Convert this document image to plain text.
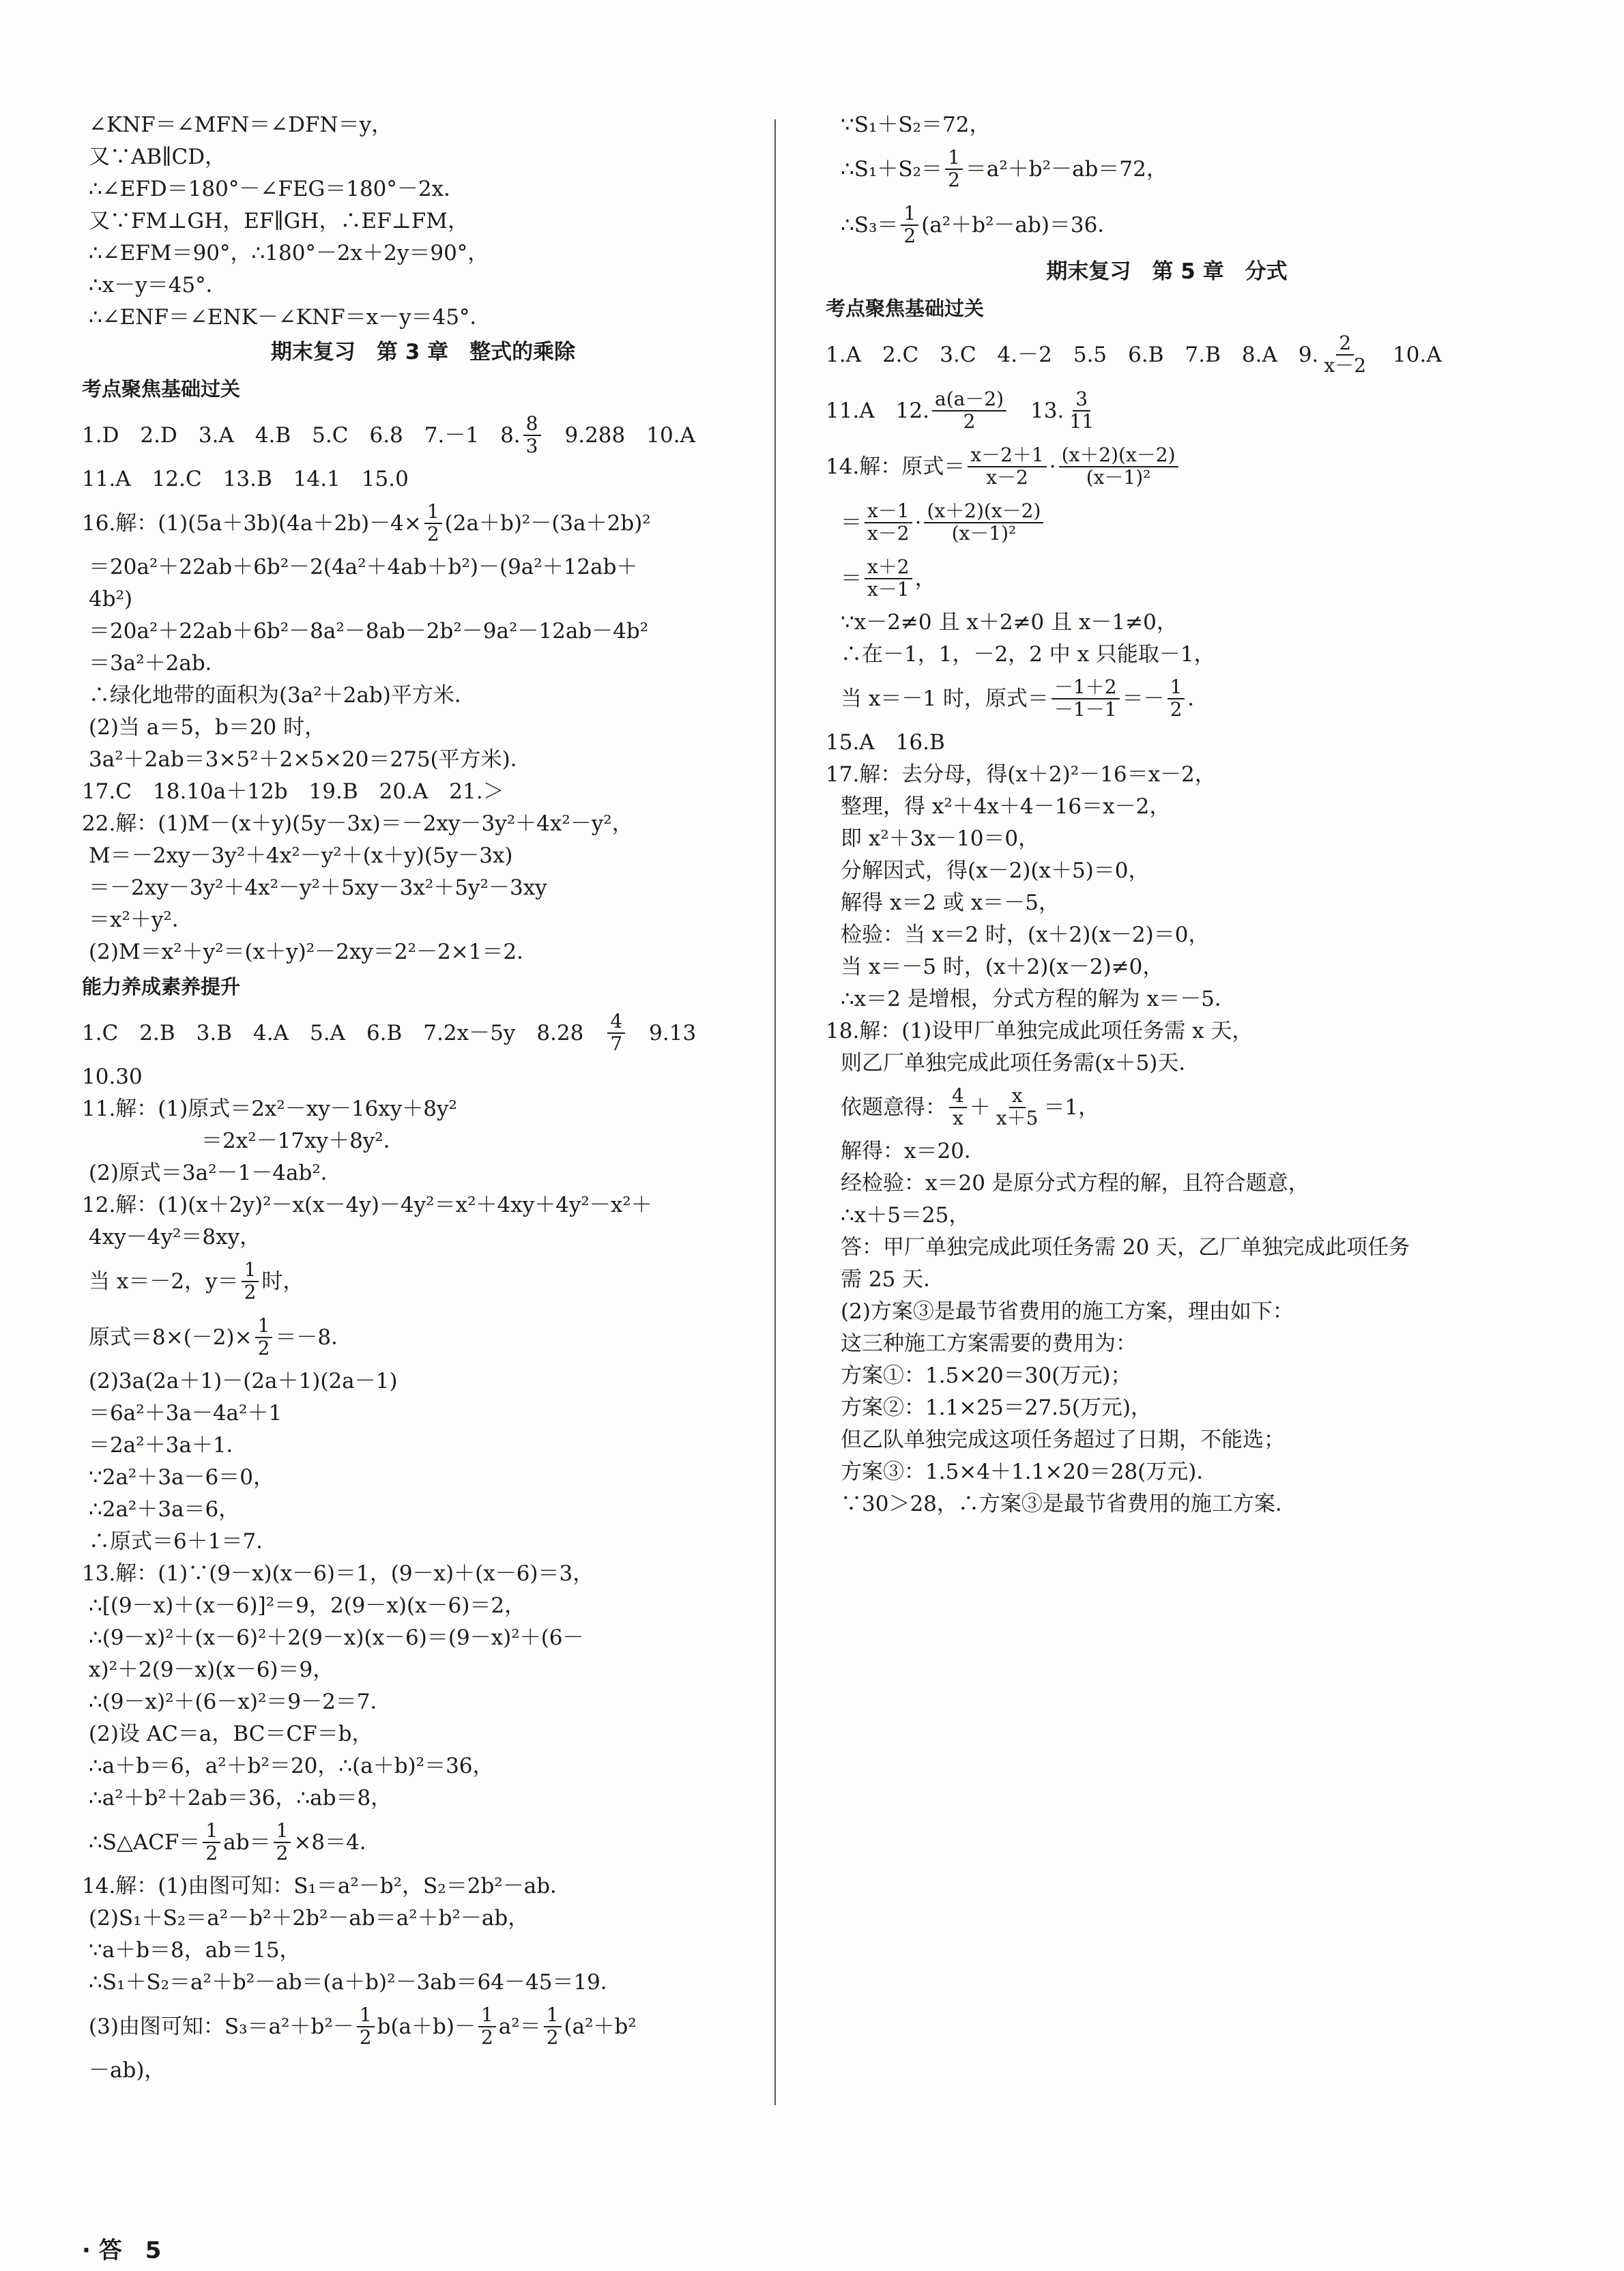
∠KNF＝∠MFN＝∠DFN＝y，
又∵AB∥CD，
∴∠EFD＝180°－∠FEG＝180°－2x．
又∵FM⊥GH，EF∥GH，∴EF⊥FM，
∴∠EFM＝90°，∴180°－2x＋2y＝90°，
∴x－y＝45°．
∴∠ENF＝∠ENK－∠KNF＝x－y＝45°．
期末复习　第 3 章　整式的乘除
考点聚焦基础过关
1.D　2.D　3.A　4.B　5.C　6.8　7.－1　8. $\frac{8}{3}$ 　9.288　10.A
11.A　12.C　13.B　14.1　15.0
16.解：$(1)(5a+3b)(4a+2b)-4\times \frac{1}{2} (2a+b)^2-(3a+2b)^2$
＝20a²＋22ab＋6b²－2(4a²＋4ab＋b²)－(9a²＋12ab＋
4b²)
＝20a²＋22ab＋6b²－8a²－8ab－2b²－9a²－12ab－4b²
＝3a²＋2ab．
∴绿化地带的面积为(3a²＋2ab)平方米．
(2)当 a＝5，b＝20 时，
3a²＋2ab＝3×5²＋2×5×20＝275(平方米)．
17.C　18.10a＋12b　19.B　20.A　21.＞
22.解：(1)M－(x＋y)(5y－3x)＝－2xy－3y²＋4x²－y²，
M＝－2xy－3y²＋4x²－y²＋(x＋y)(5y－3x)
＝－2xy－3y²＋4x²－y²＋5xy－3x²＋5y²－3xy
＝x²＋y²．
(2)M＝x²＋y²＝(x＋y)²－2xy＝2²－2×1＝2．
能力养成素养提升
1.C　2.B　3.B　4.A　5.A　6.B　7.2x－5y　8.28　 $\frac{4}{7}$ 　9.13
10.30
11.解：(1)原式＝2x²－xy－16xy＋8y²
＝2x²－17xy＋8y²．
(2)原式＝3a²－1－4ab²．
12.解：(1)(x＋2y)²－x(x－4y)－4y²＝x²＋4xy＋4y²－x²＋
4xy－4y²＝8xy，
当 x＝－2，$y= \frac{1}{2}$ 时，
原式$=8\times(-2)\times \frac{1}{2} =-8$．
(2)3a(2a＋1)－(2a＋1)(2a－1)
＝6a²＋3a－4a²＋1
＝2a²＋3a＋1．
∵2a²＋3a－6＝0，
∴2a²＋3a＝6，
∴原式＝6＋1＝7．
13.解：(1)∵(9－x)(x－6)＝1，(9－x)＋(x－6)＝3，
∴[(9－x)＋(x－6)]²＝9，2(9－x)(x－6)＝2，
∴(9－x)²＋(x－6)²＋2(9－x)(x－6)＝(9－x)²＋(6－
x)²＋2(9－x)(x－6)＝9，
∴(9－x)²＋(6－x)²＝9－2＝7．
(2)设 AC＝a，BC＝CF＝b，
∴a＋b＝6，a²＋b²＝20，∴(a＋b)²＝36，
∴a²＋b²＋2ab＝36，∴ab＝8，
∴S△ACF＝ $\frac{1}{2} ab= \frac{1}{2} \times 8=4$．
14.解：(1)由图可知：S₁＝a²－b²，S₂＝2b²－ab．
(2)S₁＋S₂＝a²－b²＋2b²－ab＝a²＋b²－ab，
∵a＋b＝8，ab＝15，
∴S₁＋S₂＝a²＋b²－ab＝(a＋b)²－3ab＝64－45＝19．
(3)由图可知：$S_3=a^2+b^2- \frac{1}{2} b(a+b)- \frac{1}{2} a^2= \frac{1}{2} (a^2+b^2$
－ab)，
∵S₁＋S₂＝72，
∴S₁＋S₂＝ $\frac{1}{2} =a^2+b^2-ab=72$，
∴S₃＝ $\frac{1}{2} (a^2+b^2-ab)=36$．
期末复习　第 5 章　分式
考点聚焦基础过关
1.A　2.C　3.C　4.－2　5.5　6.B　7.B　8.A　9. $\frac{2}{x-2}$ 　10.A
11.A　12. $\frac{a(a-2)}{2}$ 　13. $\frac{3}{11}$
14.解：原式＝ $\frac{x-2+1}{x-2} \cdot \frac{(x+2)(x-2)}{\text{(x－1)²}}$
＝ $\frac{x-1}{x-2} \cdot \frac{(x+2)(x-2)}{\text{(x－1)²}}$
＝ $\frac{x+2}{x-1}$ ，
∵x－2≠0 且 x＋2≠0 且 x－1≠0，
∴在－1，1，－2，2 中 x 只能取－1，
当 x＝－1 时，原式＝ $\frac{-1+2}{-1-1} =- \frac{1}{2}$ ．
15.A　16.B
17.解：去分母，得(x＋2)²－16＝x－2，
整理，得 x²＋4x＋4－16＝x－2，
即 x²＋3x－10＝0，
分解因式，得(x－2)(x＋5)＝0，
解得 x＝2 或 x＝－5，
检验：当 x＝2 时，(x＋2)(x－2)＝0，
当 x＝－5 时，(x＋2)(x－2)≠0，
∴x＝2 是增根，分式方程的解为 x＝－5．
18.解：(1)设甲厂单独完成此项任务需 x 天，
则乙厂单独完成此项任务需(x＋5)天．
依题意得： $\frac{4}{x} + \frac{x}{x+5} =1$，
解得：x＝20．
经检验：x＝20 是原分式方程的解，且符合题意，
∴x＋5＝25，
答：甲厂单独完成此项任务需 20 天，乙厂单独完成此项任务
需 25 天．
(2)方案③是最节省费用的施工方案，理由如下：
这三种施工方案需要的费用为：
方案①：1.5×20＝30(万元)；
方案②：1.1×25＝27.5(万元)，
但乙队单独完成这项任务超过了日期，不能选；
方案③：1.5×4＋1.1×20＝28(万元)．
∵30＞28，∴方案③是最节省费用的施工方案．
· 答　5
